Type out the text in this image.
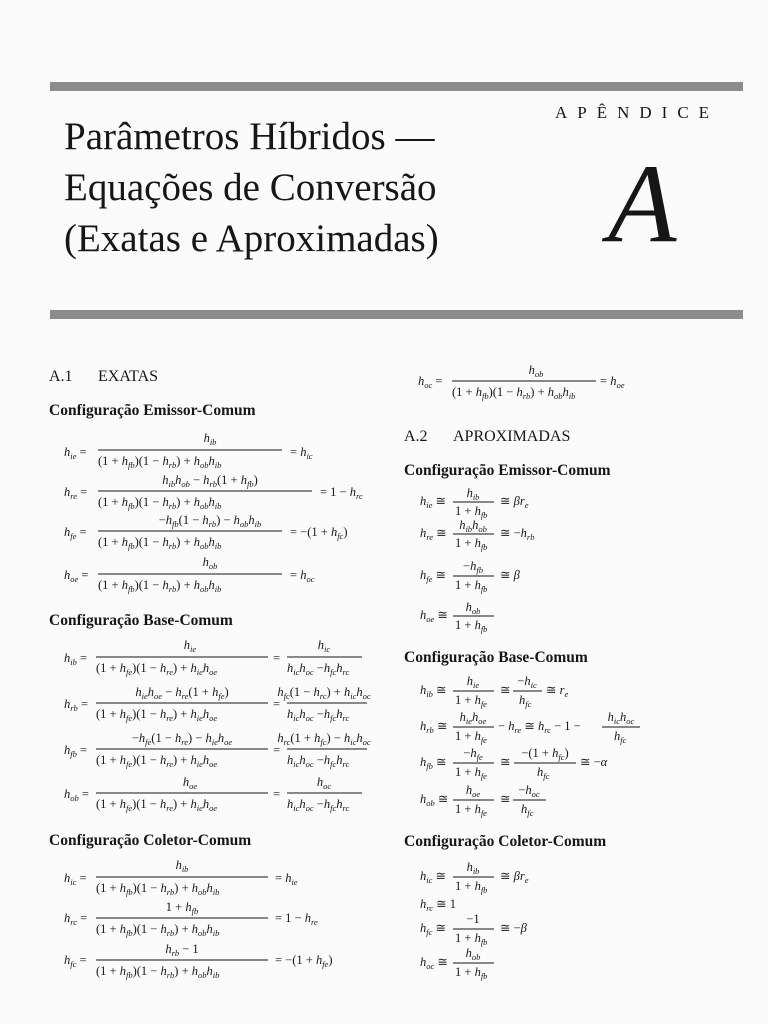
APÊNDICE
Parâmetros Híbridos —
Equações de Conversão
(Exatas e Aproximadas)	A
A.1 EXATAS
Configuração Emissor-Comum
Configuração Base-Comum
Configuração Coletor-Comum
A.2 APROXIMADAS
Configuração Emissor-Comum
Configuração Base-Comum
Configuração Coletor-Comum
$h_{ie}$ =
$h_{ib}$
$(1 + h_{fb})(1 - h_{rb}) + h_{ob}h_{ib}$
= $h_{ic}$
$h_{re}$ =
$h_{ib}h_{ob} - h_{rb}(1 + h_{fb})$
$(1 + h_{fb})(1 - h_{rb}) + h_{ob}h_{ib}$
= $1 - h_{rc}$
$h_{fe}$ =
$-h_{fb}(1 - h_{rb}) - h_{ob}h_{ib}$
$(1 + h_{fb})(1 - h_{rb}) + h_{ob}h_{ib}$
= $-(1 + h_{fc})$
$h_{oe}$ =
$h_{ob}$
$(1 + h_{fb})(1 - h_{rb}) + h_{ob}h_{ib}$
= $h_{oc}$
$h_{ib}$ =
$h_{ie}$
$(1 + h_{fe})(1 - h_{re}) + h_{ie}h_{oe}$
=
$h_{ic}$
$h_{ic}h_{oc} -h_{fc}h_{rc}$
$h_{rb}$ =
$h_{ie}h_{oe} - h_{re}(1 + h_{fe})$
$(1 + h_{fe})(1 - h_{re}) + h_{ie}h_{oe}$
=
$h_{fc}(1 - h_{rc}) + h_{ic}h_{oc}$
$h_{ic}h_{oc} -h_{fc}h_{rc}$
$h_{fb}$ =
$-h_{fe}(1 - h_{re}) - h_{ie}h_{oe}$
$(1 + h_{fe})(1 - h_{re}) + h_{ie}h_{oe}$
=
$h_{rc}(1 + h_{fc}) - h_{ic}h_{oc}$
$h_{ic}h_{oc} -h_{fc}h_{rc}$
$h_{ob}$ =
$h_{oe}$
$(1 + h_{fe})(1 - h_{re}) + h_{ie}h_{oe}$
=
$h_{oc}$
$h_{ic}h_{oc} -h_{fc}h_{rc}$
$h_{ic}$ =
$h_{ib}$
$(1 + h_{fb})(1 - h_{rb}) + h_{ob}h_{ib}$
= $h_{ie}$
$h_{rc}$ =
$1 + h_{fb}$
$(1 + h_{fb})(1 - h_{rb}) + h_{ob}h_{ib}$
= $1 - h_{re}$
$h_{fc}$ =
$h_{rb} - 1$
$(1 + h_{fb})(1 - h_{rb}) + h_{ob}h_{ib}$
= $-(1 + h_{fe})$
$h_{oc}$ =
$h_{ob}$
$(1 + h_{fb})(1 - h_{rb}) + h_{ob}h_{ib}$
= $h_{oe}$
$h_{ie}$ ≅
$h_{ib}$
$1 + h_{fb}$
≅ $\beta r_e$
$h_{re}$ ≅
$h_{ib}h_{ob}$
$1 + h_{fb}$
≅ $-h_{rb}$
$h_{fe}$ ≅
$-h_{fb}$
$1 + h_{fb}$
≅ β
$h_{oe}$ ≅
$h_{ob}$
$1 + h_{fb}$
$h_{ib}$ ≅
$h_{ie}$
$1 + h_{fe}$
≅
$-h_{ic}$
$h_{fc}$
≅ $r_e$
$h_{rb}$ ≅
$h_{ie}h_{oe}$
$1 + h_{fe}$
− $h_{re}$ ≅ $h_{rc} - 1$ −
$h_{ic}h_{oc}$
$h_{fc}$
$h_{fb}$ ≅
$-h_{fe}$
$1 + h_{fe}$
≅
$-(1 + h_{fc})$
$h_{fc}$
≅ −α
$h_{ob}$ ≅
$h_{oe}$
$1 + h_{fe}$
≅
$-h_{oc}$
$h_{fc}$
$h_{ic}$ ≅
$h_{ib}$
$1 + h_{fb}$
≅ $\beta r_e$
$h_{rc}$ ≅ 1
$h_{fc}$ ≅
−1
$1 + h_{fb}$
≅ −β
$h_{oc}$ ≅
$h_{ob}$
$1 + h_{fb}$
